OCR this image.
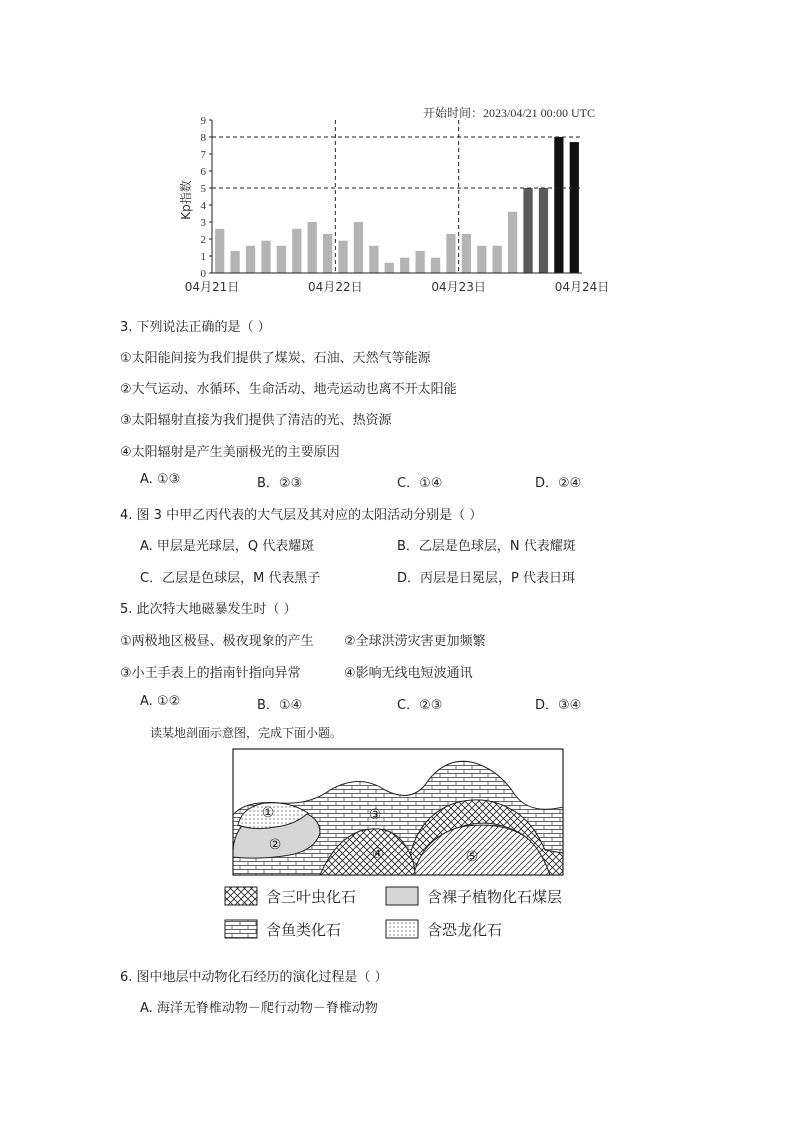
开始时间：2023/04/21 00:00 UTC
Kp指数
0
1
2
3
4
5
6
7
8
9
04月21日	04月22日	04月23日	04月24日
3. 下列说法正确的是（ ）
①太阳能间接为我们提供了煤炭、石油、天然气等能源
②大气运动、水循环、生命活动、地壳运动也离不开太阳能
③太阳辐射直接为我们提供了清洁的光、热资源
④太阳辐射是产生美丽极光的主要原因
A. ①③	B．②③	C．①④	D．②④
4. 图 3 中甲乙丙代表的大气层及其对应的太阳活动分别是（ ）
A. 甲层是光球层，Q 代表耀斑	B．乙层是色球层，N 代表耀斑
C．乙层是色球层，M 代表黑子	D．丙层是日冕层，P 代表日珥
5. 此次特大地磁暴发生时（ ）
①两极地区极昼、极夜现象的产生 ②全球洪涝灾害更加频繁
③小王手表上的指南针指向异常	④影响无线电短波通讯
A. ①②	B．①④	C．②③	D．③④
读某地剖面示意图，完成下面小题。
①
②
③
④	⑤
含三叶虫化石	含裸子植物化石煤层
含鱼类化石	含恐龙化石
6. 图中地层中动物化石经历的演化过程是（ ）
A. 海洋无脊椎动物－爬行动物－脊椎动物
